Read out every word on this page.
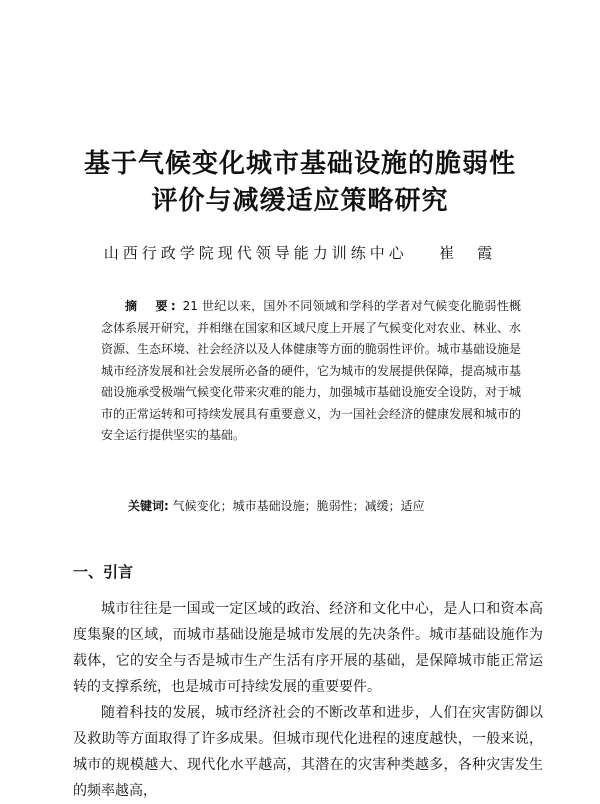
基于气候变化城市基础设施的脆弱性
评价与减缓适应策略研究
山西行政学院现代领导能力训练中心 崔　霞

摘　要: 21 世纪以来，国外不同领域和学科的学者对气候变化脆弱性概念体系展开研究，并相继在国家和区域尺度上开展了气候变化对农业、林业、水资源、生态环境、社会经济以及人体健康等方面的脆弱性评价。城市基础设施是城市经济发展和社会发展所必备的硬件，它为城市的发展提供保障，提高城市基础设施承受极端气候变化带来灾难的能力，加强城市基础设施安全设防，对于城市的正常运转和可持续发展具有重要意义，为一国社会经济的健康发展和城市的安全运行提供坚实的基础。

关键词: 气候变化；城市基础设施；脆弱性；减缓；适应
一、引言

城市往往是一国或一定区域的政治、经济和文化中心，是人口和资本高度集聚的区域，而城市基础设施是城市发展的先决条件。城市基础设施作为载体，它的安全与否是城市生产生活有序开展的基础，是保障城市能正常运转的支撑系统，也是城市可持续发展的重要要件。

随着科技的发展，城市经济社会的不断改革和进步，人们在灾害防御以及救助等方面取得了许多成果。但城市现代化进程的速度越快，一般来说，城市的规模越大、现代化水平越高，其潜在的灾害种类越多，各种灾害发生的频率越高，
